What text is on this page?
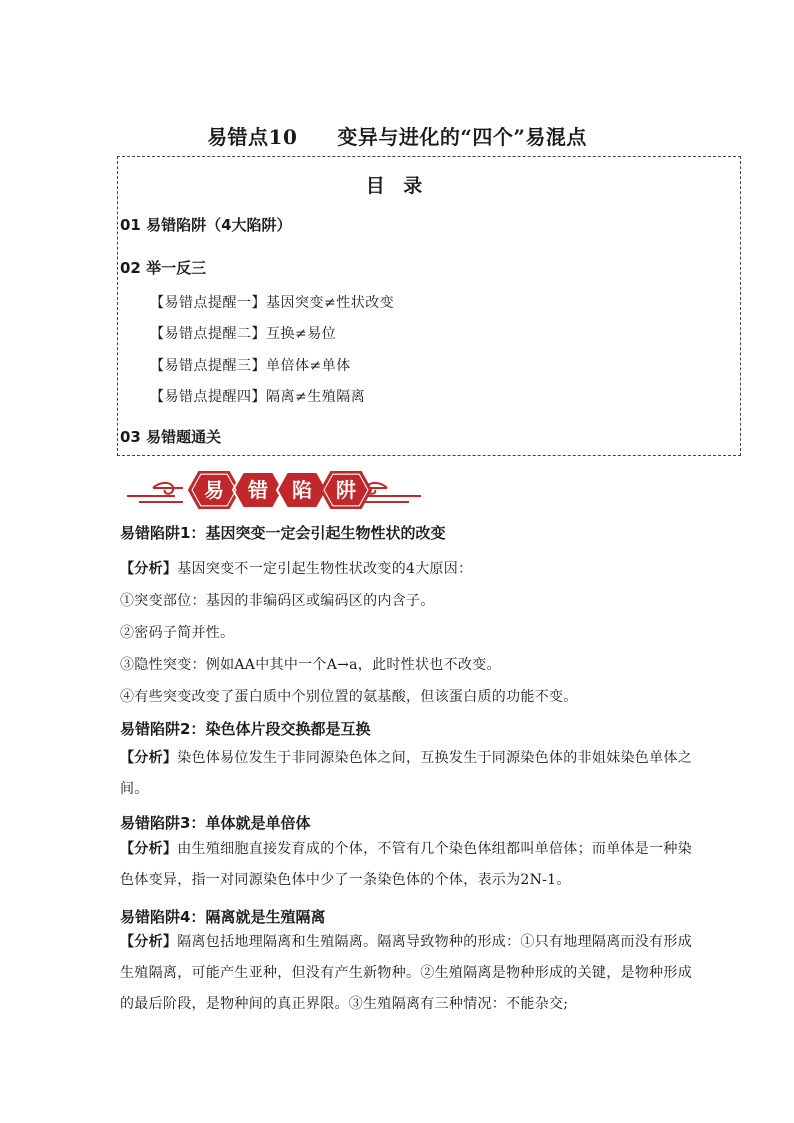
易错点10 变异与进化的“四个”易混点
目 录
01 易错陷阱（4大陷阱）
02 举一反三
【易错点提醒一】基因突变≠性状改变
【易错点提醒二】互换≠易位
【易错点提醒三】单倍体≠单体
【易错点提醒四】隔离≠生殖隔离
03 易错题通关
易 错 陷 阱
易错陷阱1：基因突变一定会引起生物性状的改变
【分析】基因突变不一定引起生物性状改变的4大原因：
①突变部位：基因的非编码区或编码区的内含子。
②密码子简并性。
③隐性突变：例如AA中其中一个A→a，此时性状也不改变。
④有些突变改变了蛋白质中个别位置的氨基酸，但该蛋白质的功能不变。
易错陷阱2：染色体片段交换都是互换
【分析】染色体易位发生于非同源染色体之间，互换发生于同源染色体的非姐妹染色单体之间。
易错陷阱3：单体就是单倍体
【分析】由生殖细胞直接发育成的个体，不管有几个染色体组都叫单倍体；而单体是一种染色体变异，指一对同源染色体中少了一条染色体的个体，表示为2N-1。
易错陷阱4：隔离就是生殖隔离
【分析】隔离包括地理隔离和生殖隔离。隔离导致物种的形成：①只有地理隔离而没有形成生殖隔离，可能产生亚种，但没有产生新物种。②生殖隔离是物种形成的关键，是物种形成的最后阶段，是物种间的真正界限。③生殖隔离有三种情况：不能杂交;
